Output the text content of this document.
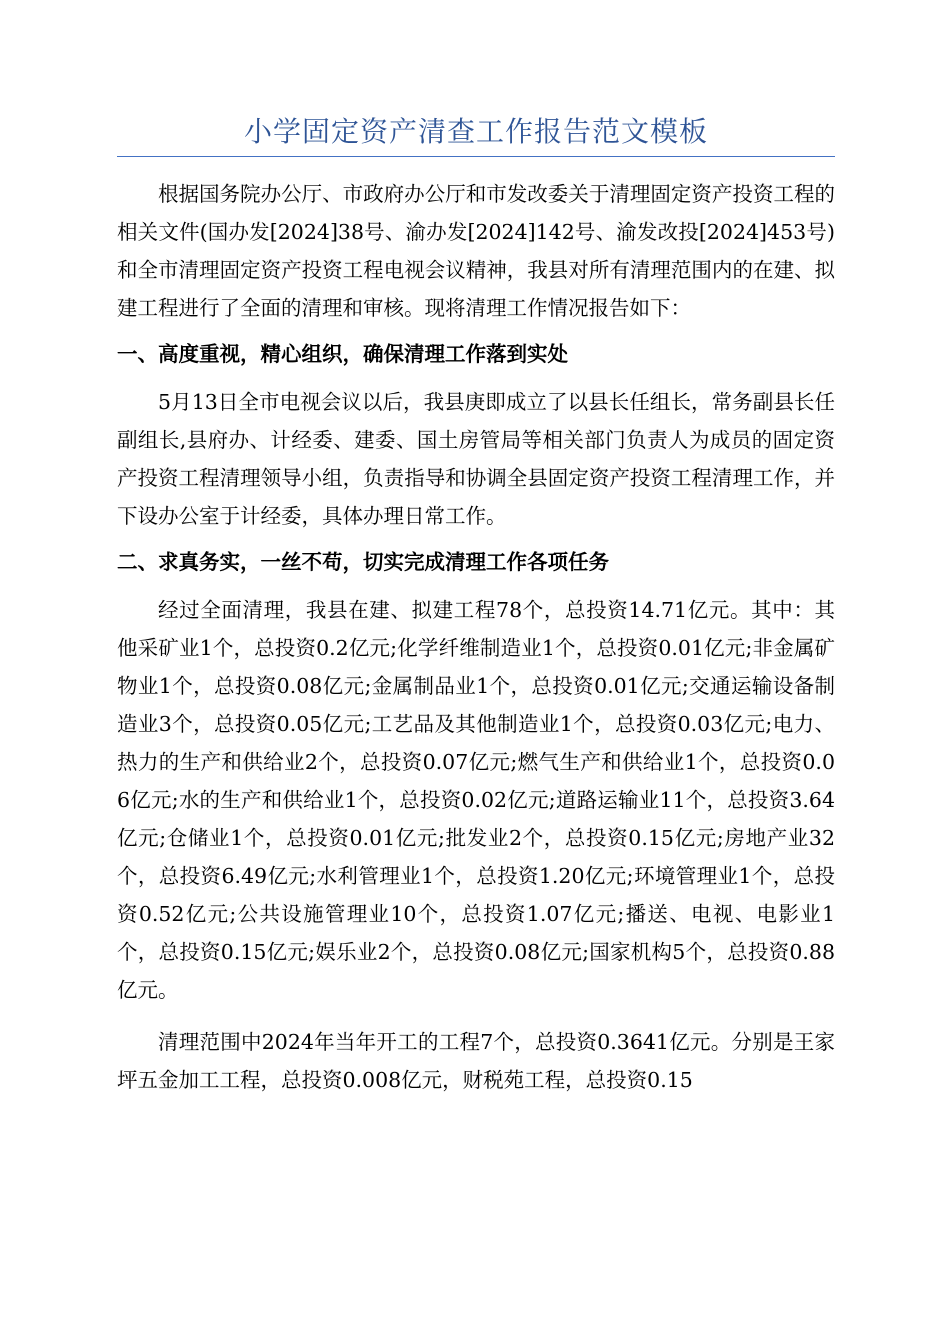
小学固定资产清查工作报告范文模板

根据国务院办公厅、市政府办公厅和市发改委关于清理固定资产投资工程的相关文件(国办发[2024]38号、渝办发[2024]142号、渝发改投[2024]453号)和全市清理固定资产投资工程电视会议精神，我县对所有清理范围内的在建、拟建工程进行了全面的清理和审核。现将清理工作情况报告如下：

一、高度重视，精心组织，确保清理工作落到实处

5月13日全市电视会议以后，我县庚即成立了以县长任组长，常务副县长任副组长,县府办、计经委、建委、国土房管局等相关部门负责人为成员的固定资产投资工程清理领导小组，负责指导和协调全县固定资产投资工程清理工作，并下设办公室于计经委，具体办理日常工作。

二、求真务实，一丝不苟，切实完成清理工作各项任务

经过全面清理，我县在建、拟建工程78个，总投资14.71亿元。其中：其他采矿业1个，总投资0.2亿元;化学纤维制造业1个，总投资0.01亿元;非金属矿物业1个，总投资0.08亿元;金属制品业1个，总投资0.01亿元;交通运输设备制造业3个，总投资0.05亿元;工艺品及其他制造业1个，总投资0.03亿元;电力、热力的生产和供给业2个，总投资0.07亿元;燃气生产和供给业1个，总投资0.06亿元;水的生产和供给业1个，总投资0.02亿元;道路运输业11个，总投资3.64亿元;仓储业1个，总投资0.01亿元;批发业2个，总投资0.15亿元;房地产业32个，总投资6.49亿元;水利管理业1个，总投资1.20亿元;环境管理业1个，总投资0.52亿元;公共设施管理业10个，总投资1.07亿元;播送、电视、电影业1个，总投资0.15亿元;娱乐业2个，总投资0.08亿元;国家机构5个，总投资0.88亿元。

清理范围中2024年当年开工的工程7个，总投资0.3641亿元。分别是王家坪五金加工工程，总投资0.008亿元，财税苑工程，总投资0.15
